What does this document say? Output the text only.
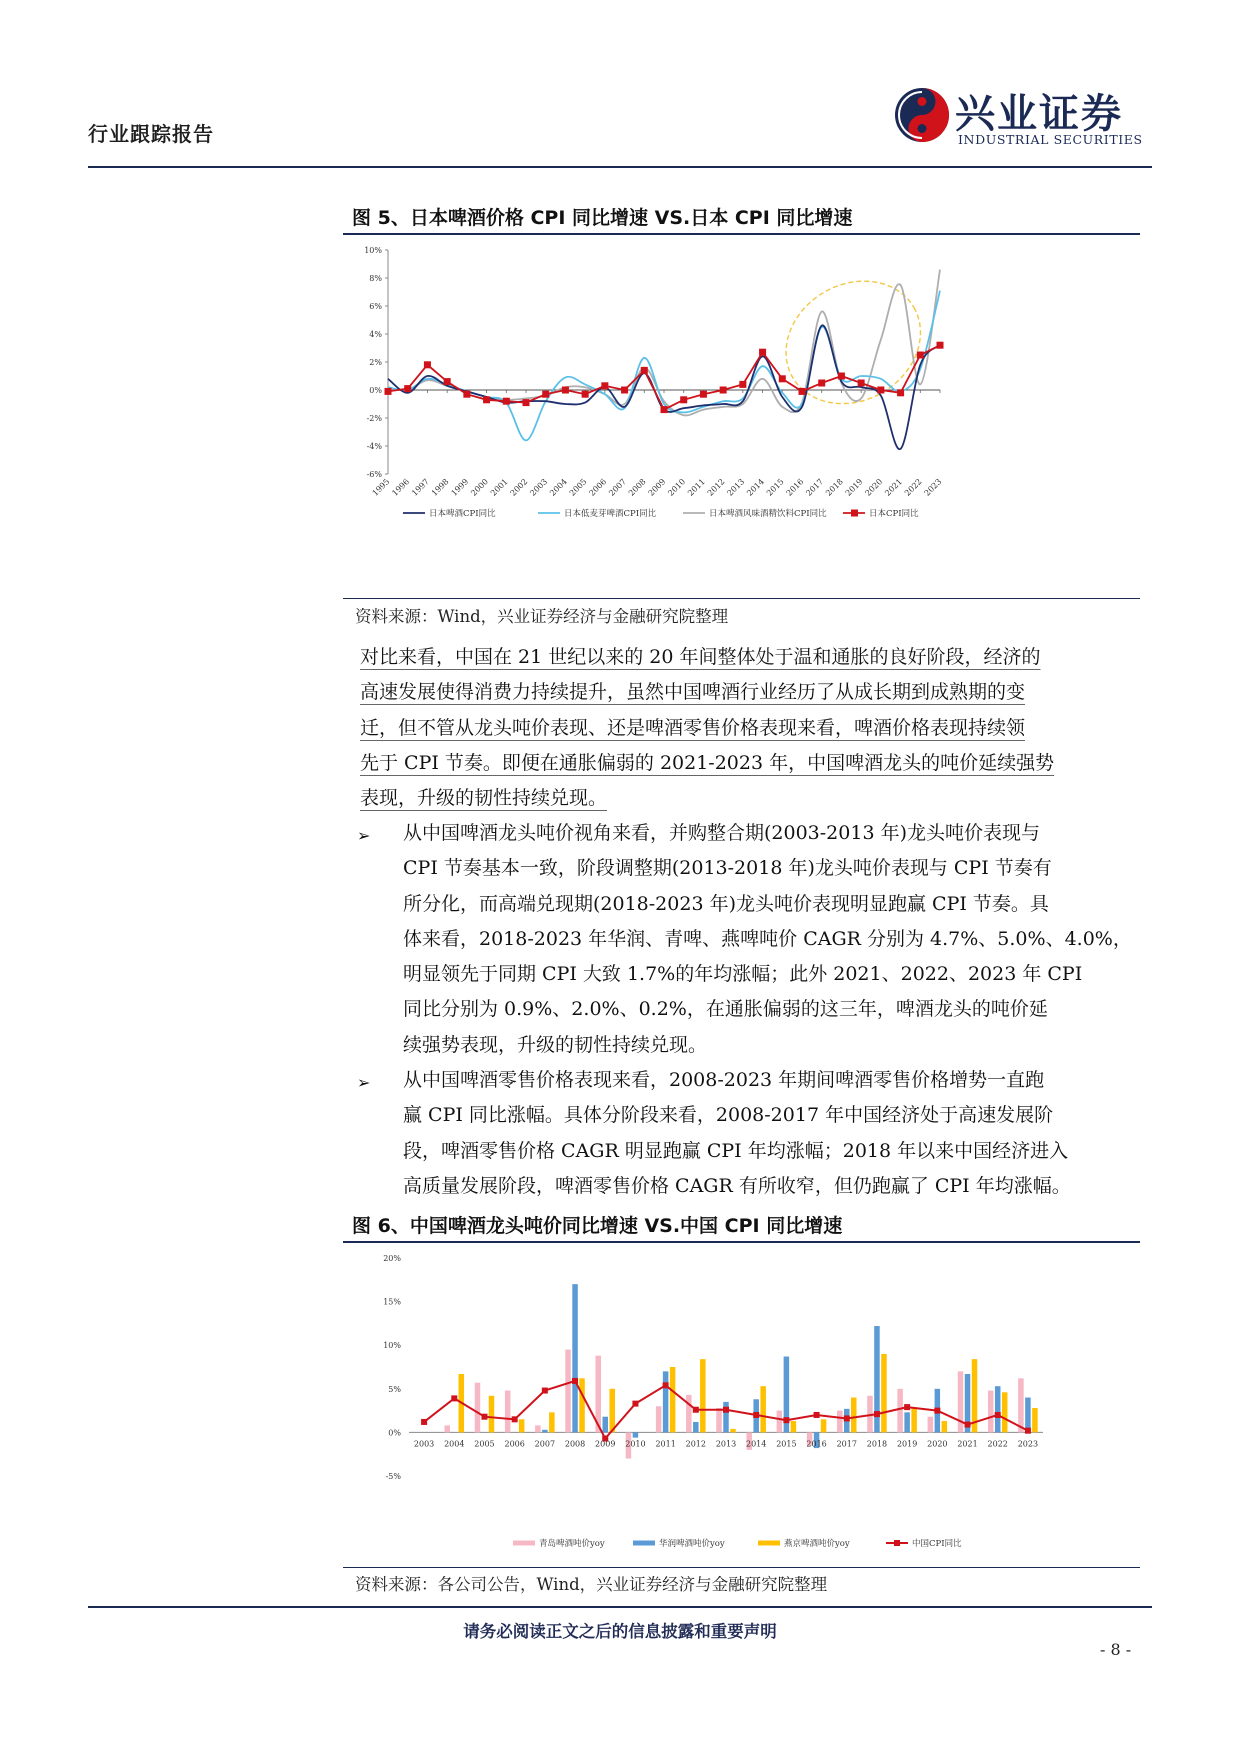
行业跟踪报告	兴业证券
INDUSTRIAL SECURITIES
图 5、日本啤酒价格 CPI 同比增速 VS.日本 CPI 同比增速
10%
8%
6%
4%
2%
0%
-2%
-4%
-6%
1995
1996
1997
1998
1999
2000
2001
2002
2003
2004
2005
2006
2007
2008
2009
2010
2011
2012
2013
2014
2015
2016
2017
2018
2019
2020
2021
2022
2023
日本啤酒CPI同比	日本低麦芽啤酒CPI同比	日本啤酒风味酒精饮料CPI同比	日本CPI同比
资料来源：Wind，兴业证券经济与金融研究院整理
对比来看，中国在 21 世纪以来的 20 年间整体处于温和通胀的良好阶段，经济的
高速发展使得消费力持续提升，虽然中国啤酒行业经历了从成长期到成熟期的变
迁，但不管从龙头吨价表现、还是啤酒零售价格表现来看，啤酒价格表现持续领
先于 CPI 节奏。即便在通胀偏弱的 2021-2023 年，中国啤酒龙头的吨价延续强势
表现，升级的韧性持续兑现。
➢ 从中国啤酒龙头吨价视角来看，并购整合期(2003-2013 年)龙头吨价表现与
CPI 节奏基本一致，阶段调整期(2013-2018 年)龙头吨价表现与 CPI 节奏有
所分化，而高端兑现期(2018-2023 年)龙头吨价表现明显跑赢 CPI 节奏。具
体来看，2018-2023 年华润、青啤、燕啤吨价 CAGR 分别为 4.7%、5.0%、4.0%，
明显领先于同期 CPI 大致 1.7%的年均涨幅；此外 2021、2022、2023 年 CPI
同比分别为 0.9%、2.0%、0.2%，在通胀偏弱的这三年，啤酒龙头的吨价延
续强势表现，升级的韧性持续兑现。
➢ 从中国啤酒零售价格表现来看，2008-2023 年期间啤酒零售价格增势一直跑
赢 CPI 同比涨幅。具体分阶段来看，2008-2017 年中国经济处于高速发展阶
段，啤酒零售价格 CAGR 明显跑赢 CPI 年均涨幅；2018 年以来中国经济进入
高质量发展阶段，啤酒零售价格 CAGR 有所收窄，但仍跑赢了 CPI 年均涨幅。
图 6、中国啤酒龙头吨价同比增速 VS.中国 CPI 同比增速
20%
15%
10%
5%
0%
-5%
2003 2004 2005 2006 2007 2008 2009 2010 2011 2012 2013 2014 2015 2016 2017 2018 2019 2020 2021 2022 2023
青岛啤酒吨价yoy	华润啤酒吨价yoy	燕京啤酒吨价yoy	中国CPI同比
资料来源：各公司公告，Wind，兴业证券经济与金融研究院整理
请务必阅读正文之后的信息披露和重要声明
- 8 -
